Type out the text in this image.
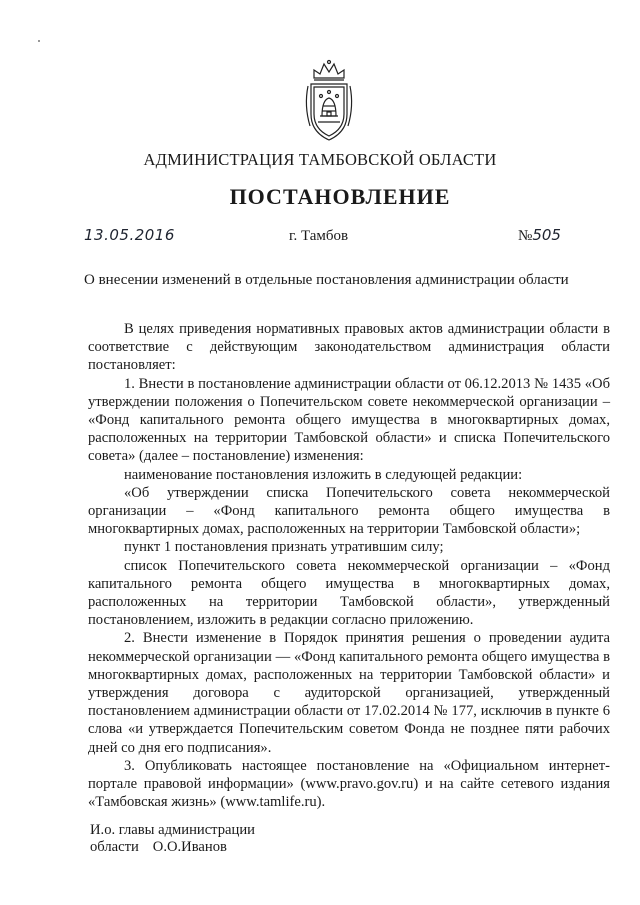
АДМИНИСТРАЦИЯ ТАМБОВСКОЙ ОБЛАСТИ
ПОСТАНОВЛЕНИЕ
13.05.2016	г. Тамбов	№505
О внесении изменений в отдельные постановления администрации области

В целях приведения нормативных правовых актов администрации области в соответствие с действующим законодательством администрация области постановляет:

1. Внести в постановление администрации области от 06.12.2013 № 1435 «Об утверждении положения о Попечительском совете некоммерческой организации – «Фонд капитального ремонта общего имущества в многоквартирных домах, расположенных на территории Тамбовской области» и списка Попечительского совета» (далее – постановление) изменения:

наименование постановления изложить в следующей редакции:

«Об утверждении списка Попечительского совета некоммерческой организации – «Фонд капитального ремонта общего имущества в многоквартирных домах, расположенных на территории Тамбовской области»;

пункт 1 постановления признать утратившим силу;

список Попечительского совета некоммерческой организации – «Фонд капитального ремонта общего имущества в многоквартирных домах, расположенных на территории Тамбовской области», утвержденный постановлением, изложить в редакции согласно приложению.

2. Внести изменение в Порядок принятия решения о проведении аудита некоммерческой организации — «Фонд капитального ремонта общего имущества в многоквартирных домах, расположенных на территории Тамбовской области» и утверждения договора с аудиторской организацией, утвержденный постановлением администрации области от 17.02.2014 № 177, исключив в пункте 6 слова «и утверждается Попечительским советом Фонда не позднее пяти рабочих дней со дня его подписания».

3. Опубликовать настоящее постановление на «Официальном интернет-портале правовой информации» (www.pravo.gov.ru) и на сайте сетевого издания «Тамбовская жизнь» (www.tamlife.ru).

И.о. главы администрации
области О.О.Иванов
